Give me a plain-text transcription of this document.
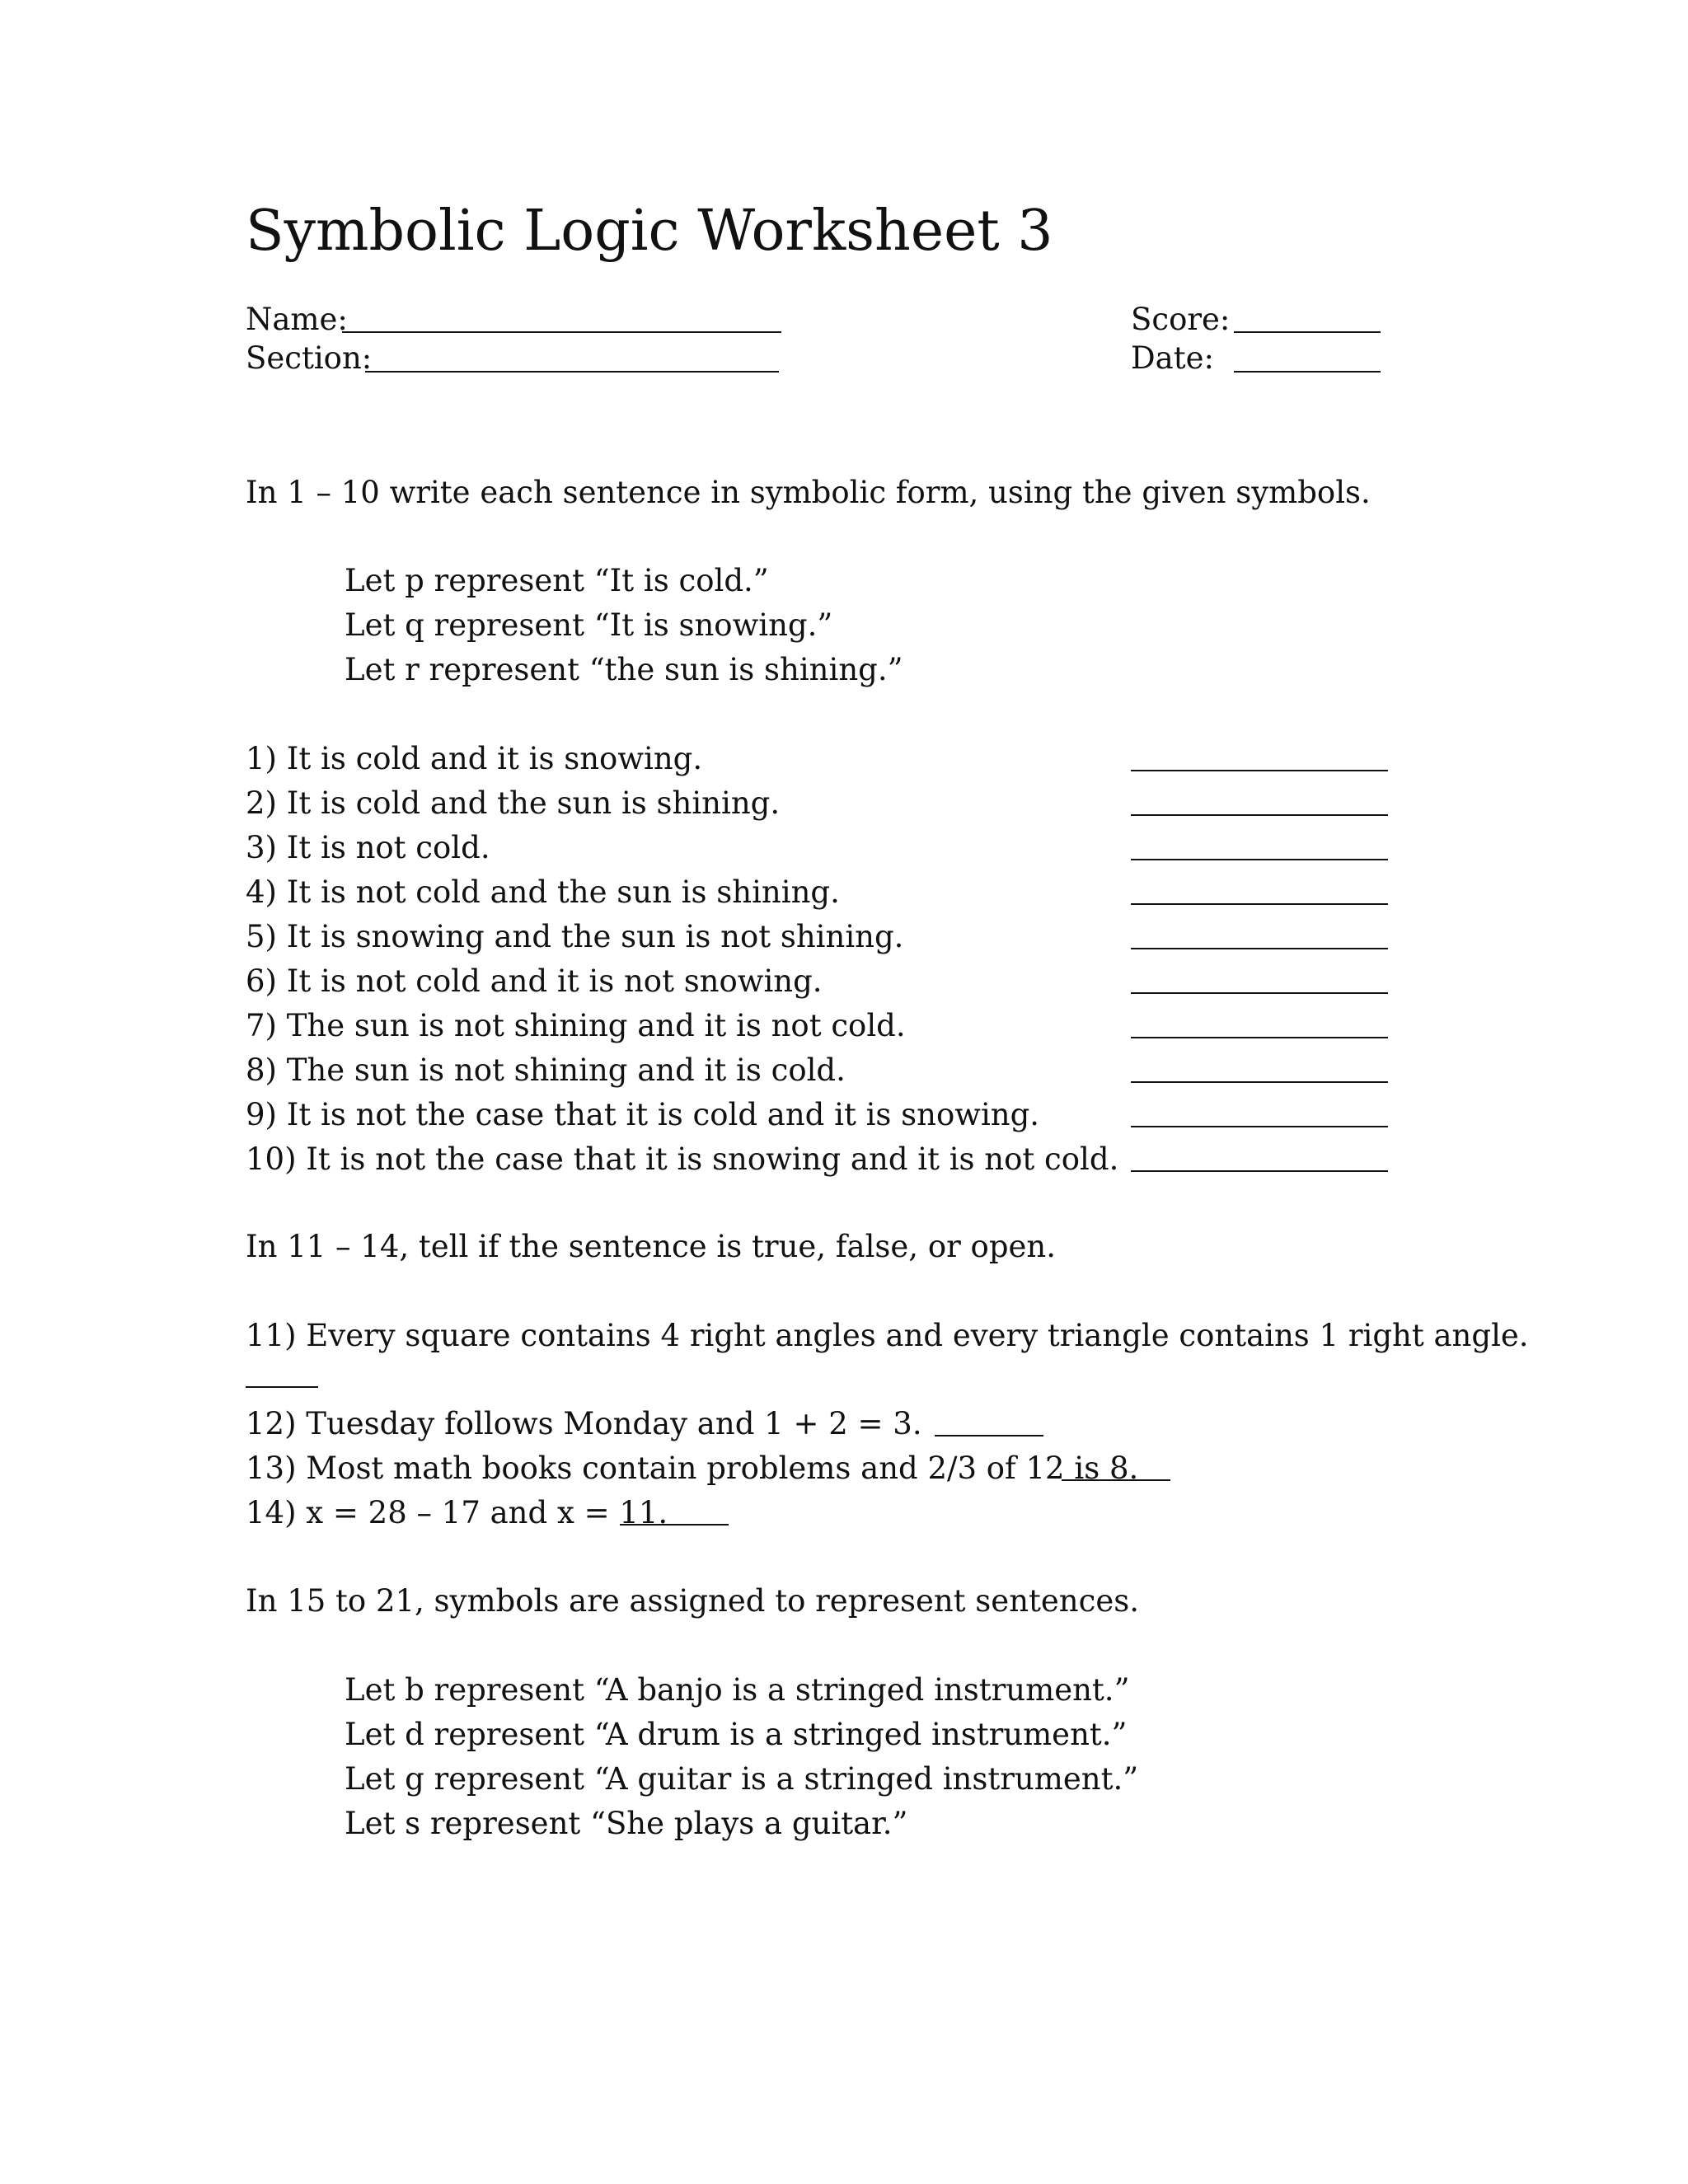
Symbolic Logic Worksheet 3
Name:
Section:
Score:
Date:
In 1 – 10 write each sentence in symbolic form, using the given symbols.
Let p represent “It is cold.”
Let q represent “It is snowing.”
Let r represent “the sun is shining.”
1) It is cold and it is snowing.
2) It is cold and the sun is shining.
3) It is not cold.
4) It is not cold and the sun is shining.
5) It is snowing and the sun is not shining.
6) It is not cold and it is not snowing.
7) The sun is not shining and it is not cold.
8) The sun is not shining and it is cold.
9) It is not the case that it is cold and it is snowing.
10) It is not the case that it is snowing and it is not cold.
In 11 – 14, tell if the sentence is true, false, or open.
11) Every square contains 4 right angles and every triangle contains 1 right angle.
12) Tuesday follows Monday and 1 + 2 = 3.
13) Most math books contain problems and 2/3 of 12 is 8.
14) x = 28 – 17 and x = 11.
In 15 to 21, symbols are assigned to represent sentences.
Let b represent “A banjo is a stringed instrument.”
Let d represent “A drum is a stringed instrument.”
Let g represent “A guitar is a stringed instrument.”
Let s represent “She plays a guitar.”
